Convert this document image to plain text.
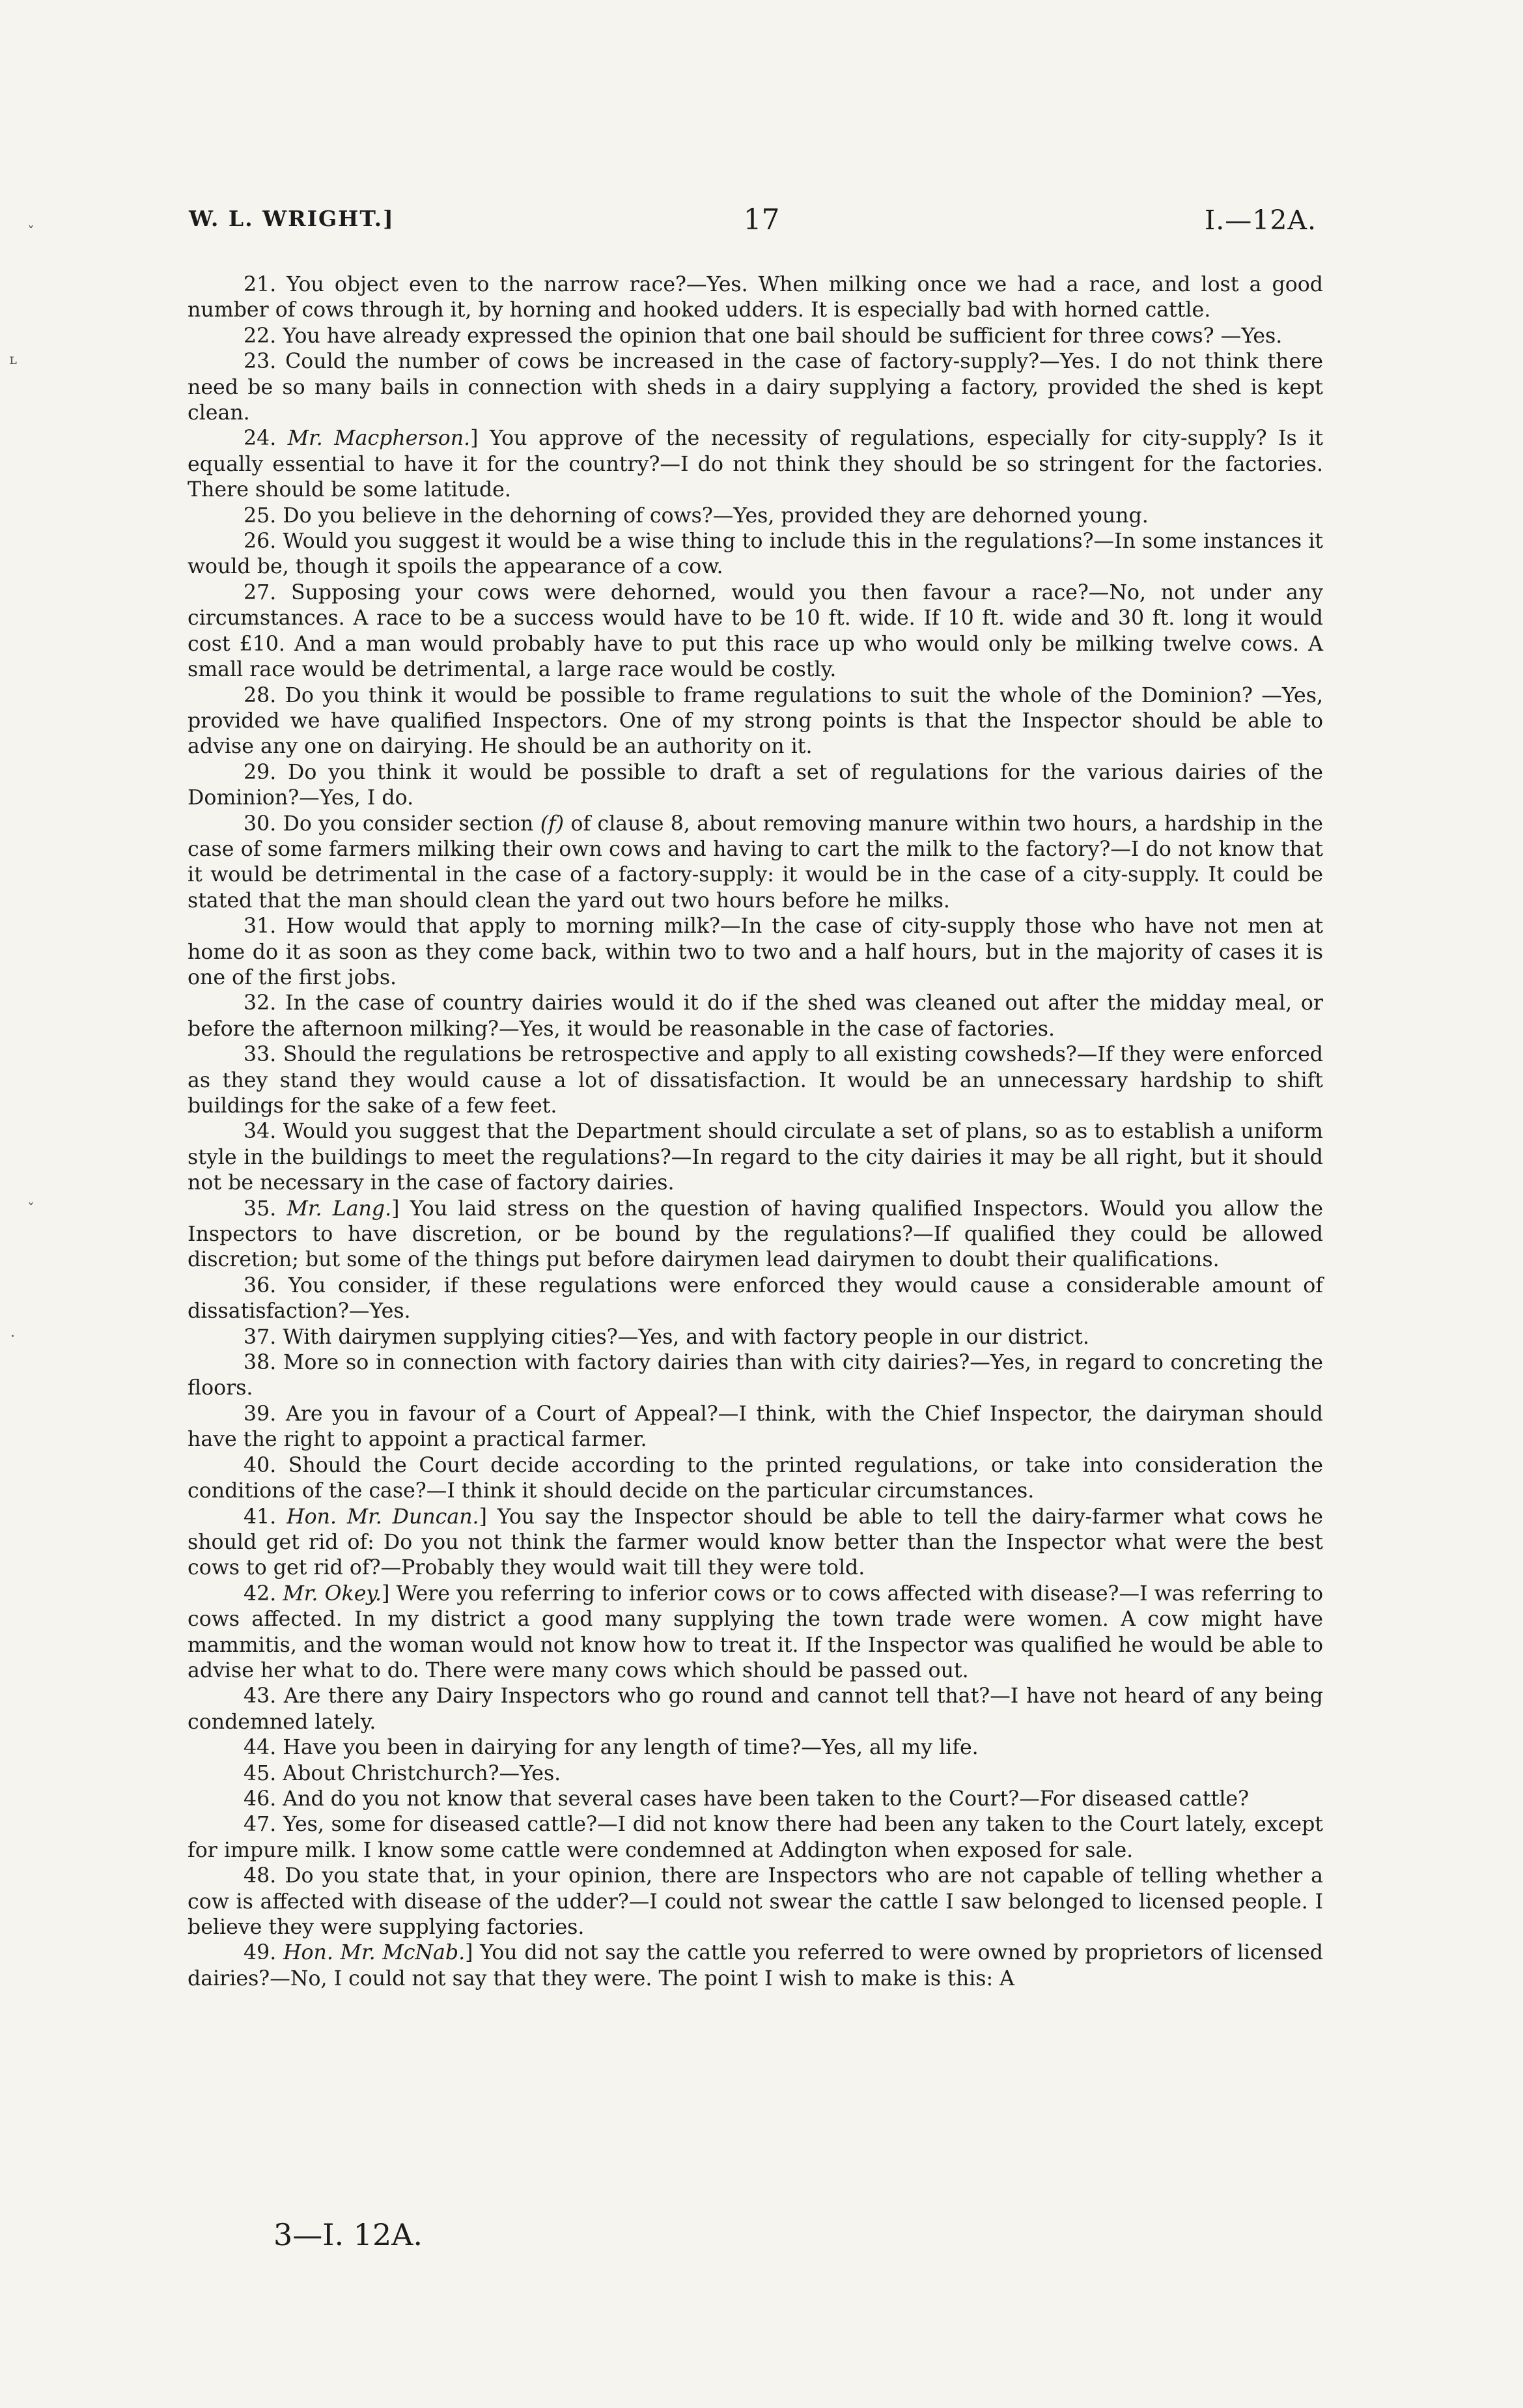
W. L. WRIGHT.]	17	I.—12A.
ˇ
ʟ
ˇ
·

21. You object even to the narrow race?—Yes. When milking once we had a race, and lost a good number of cows through it, by horning and hooked udders. It is especially bad with horned cattle.

22. You have already expressed the opinion that one bail should be sufficient for three cows? —Yes.

23. Could the number of cows be increased in the case of factory-supply?—Yes. I do not think there need be so many bails in connection with sheds in a dairy supplying a factory, provided the shed is kept clean.

24. Mr. Macpherson.] You approve of the necessity of regulations, especially for city-supply? Is it equally essential to have it for the country?—I do not think they should be so stringent for the factories. There should be some latitude.

25. Do you believe in the dehorning of cows?—Yes, provided they are dehorned young.

26. Would you suggest it would be a wise thing to include this in the regulations?—In some instances it would be, though it spoils the appearance of a cow.

27. Supposing your cows were dehorned, would you then favour a race?—No, not under any circumstances. A race to be a success would have to be 10 ft. wide. If 10 ft. wide and 30 ft. long it would cost £10. And a man would probably have to put this race up who would only be milking twelve cows. A small race would be detrimental, a large race would be costly.

28. Do you think it would be possible to frame regulations to suit the whole of the Dominion? —Yes, provided we have qualified Inspectors. One of my strong points is that the Inspector should be able to advise any one on dairying. He should be an authority on it.

29. Do you think it would be possible to draft a set of regulations for the various dairies of the Dominion?—Yes, I do.

30. Do you consider section (f) of clause 8, about removing manure within two hours, a hardship in the case of some farmers milking their own cows and having to cart the milk to the factory?—I do not know that it would be detrimental in the case of a factory-supply: it would be in the case of a city-supply. It could be stated that the man should clean the yard out two hours before he milks.

31. How would that apply to morning milk?—In the case of city-supply those who have not men at home do it as soon as they come back, within two to two and a half hours, but in the majority of cases it is one of the first jobs.

32. In the case of country dairies would it do if the shed was cleaned out after the midday meal, or before the afternoon milking?—Yes, it would be reasonable in the case of factories.

33. Should the regulations be retrospective and apply to all existing cowsheds?—If they were enforced as they stand they would cause a lot of dissatisfaction. It would be an unnecessary hardship to shift buildings for the sake of a few feet.

34. Would you suggest that the Department should circulate a set of plans, so as to establish a uniform style in the buildings to meet the regulations?—In regard to the city dairies it may be all right, but it should not be necessary in the case of factory dairies.

35. Mr. Lang.] You laid stress on the question of having qualified Inspectors. Would you allow the Inspectors to have discretion, or be bound by the regulations?—If qualified they could be allowed discretion; but some of the things put before dairymen lead dairymen to doubt their qualifications.

36. You consider, if these regulations were enforced they would cause a considerable amount of dissatisfaction?—Yes.

37. With dairymen supplying cities?—Yes, and with factory people in our district.

38. More so in connection with factory dairies than with city dairies?—Yes, in regard to concreting the floors.

39. Are you in favour of a Court of Appeal?—I think, with the Chief Inspector, the dairyman should have the right to appoint a practical farmer.

40. Should the Court decide according to the printed regulations, or take into consideration the conditions of the case?—I think it should decide on the particular circumstances.

41. Hon. Mr. Duncan.] You say the Inspector should be able to tell the dairy-farmer what cows he should get rid of: Do you not think the farmer would know better than the Inspector what were the best cows to get rid of?—Probably they would wait till they were told.

42. Mr. Okey.] Were you referring to inferior cows or to cows affected with disease?—I was referring to cows affected. In my district a good many supplying the town trade were women. A cow might have mammitis, and the woman would not know how to treat it. If the Inspector was qualified he would be able to advise her what to do. There were many cows which should be passed out.

43. Are there any Dairy Inspectors who go round and cannot tell that?—I have not heard of any being condemned lately.

44. Have you been in dairying for any length of time?—Yes, all my life.

45. About Christchurch?—Yes.

46. And do you not know that several cases have been taken to the Court?—For diseased cattle?

47. Yes, some for diseased cattle?—I did not know there had been any taken to the Court lately, except for impure milk. I know some cattle were condemned at Addington when exposed for sale.

48. Do you state that, in your opinion, there are Inspectors who are not capable of telling whether a cow is affected with disease of the udder?—I could not swear the cattle I saw belonged to licensed people. I believe they were supplying factories.

49. Hon. Mr. McNab.] You did not say the cattle you referred to were owned by proprietors of licensed dairies?—No, I could not say that they were. The point I wish to make is this: A

3—I. 12A.
